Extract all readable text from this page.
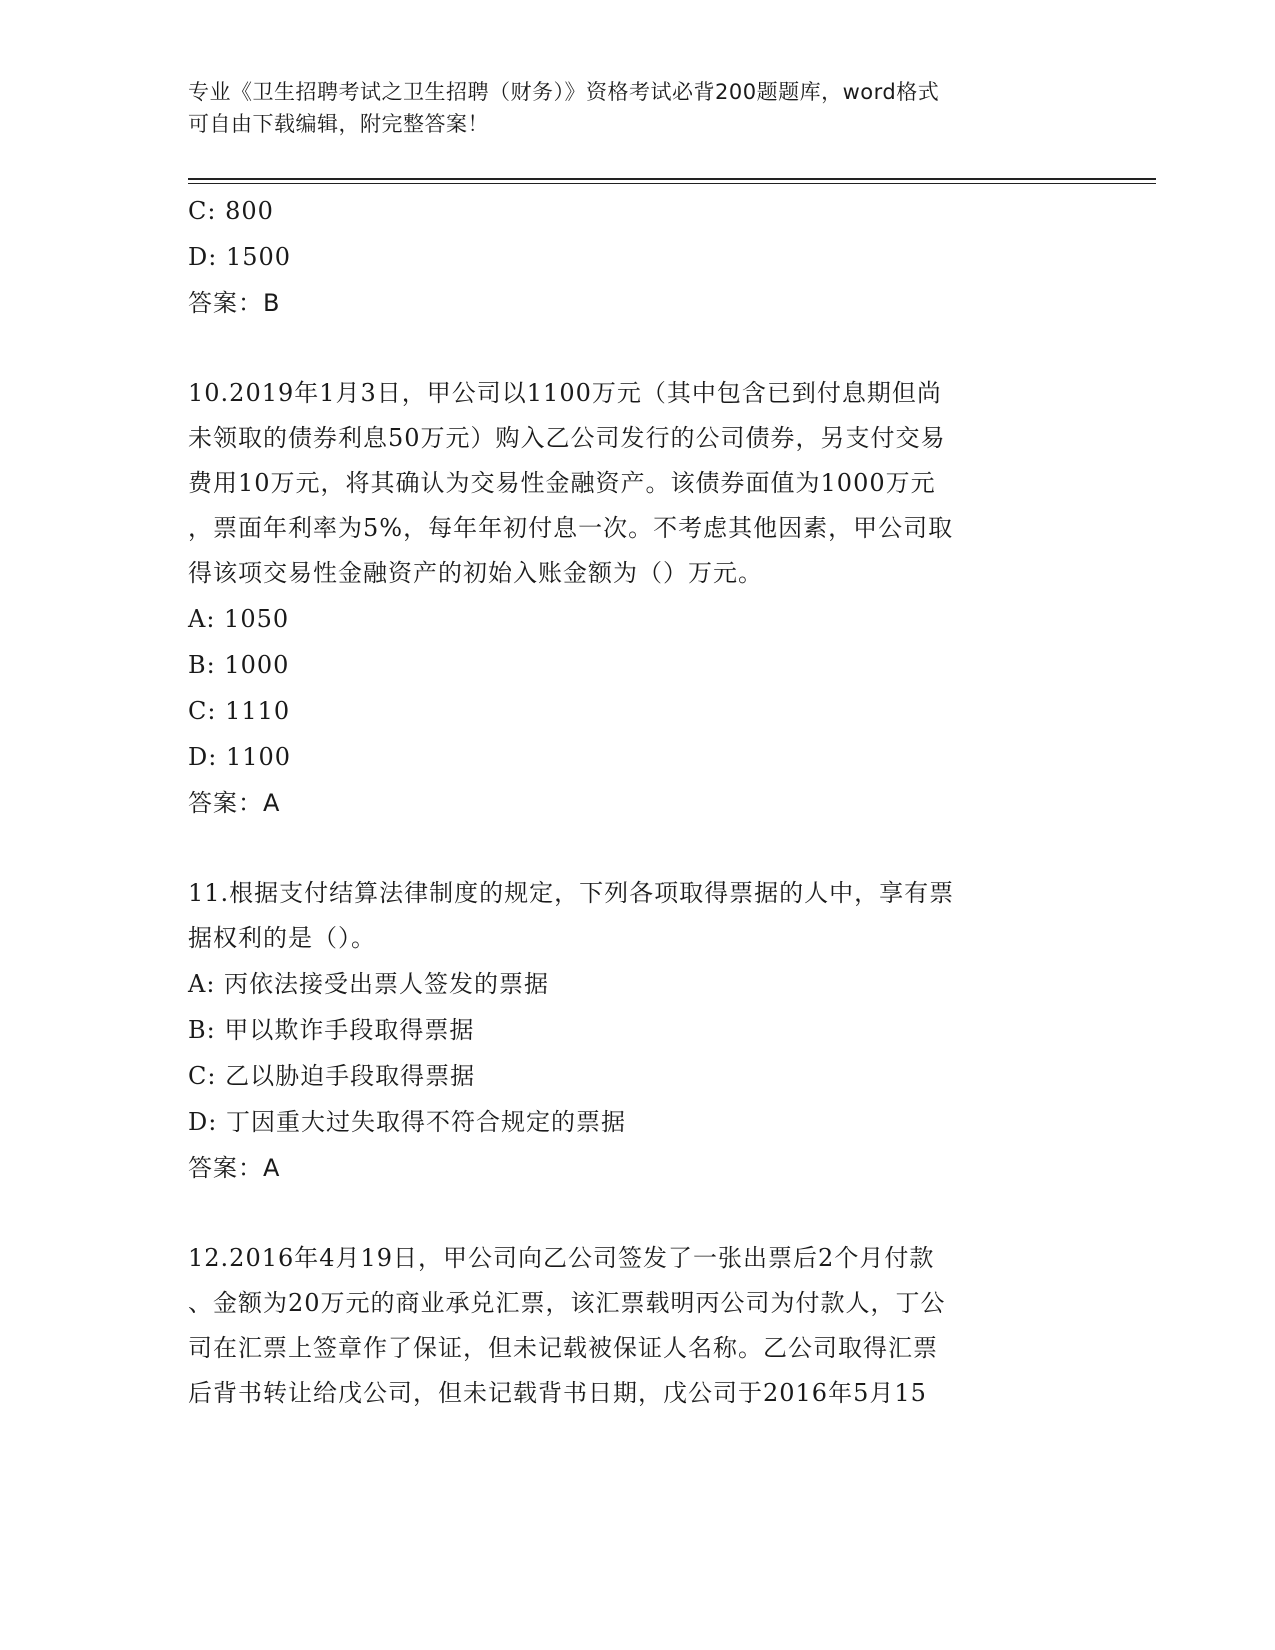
专业《卫生招聘考试之卫生招聘（财务）》资格考试必背200题题库，word格式
可自由下载编辑，附完整答案！
C: 800
D: 1500
答案：B
10.2019年1月3日，甲公司以1100万元（其中包含已到付息期但尚
未领取的债券利息50万元）购入乙公司发行的公司债券，另支付交易
费用10万元，将其确认为交易性金融资产。该债券面值为1000万元
，票面年利率为5%，每年年初付息一次。不考虑其他因素，甲公司取
得该项交易性金融资产的初始入账金额为（）万元。
A: 1050
B: 1000
C: 1110
D: 1100
答案：A
11.根据支付结算法律制度的规定，下列各项取得票据的人中，享有票
据权利的是（）。
A: 丙依法接受出票人签发的票据
B: 甲以欺诈手段取得票据
C: 乙以胁迫手段取得票据
D: 丁因重大过失取得不符合规定的票据
答案：A
12.2016年4月19日，甲公司向乙公司签发了一张出票后2个月付款
、金额为20万元的商业承兑汇票，该汇票载明丙公司为付款人，丁公
司在汇票上签章作了保证，但未记载被保证人名称。乙公司取得汇票
后背书转让给戊公司，但未记载背书日期，戊公司于2016年5月15
